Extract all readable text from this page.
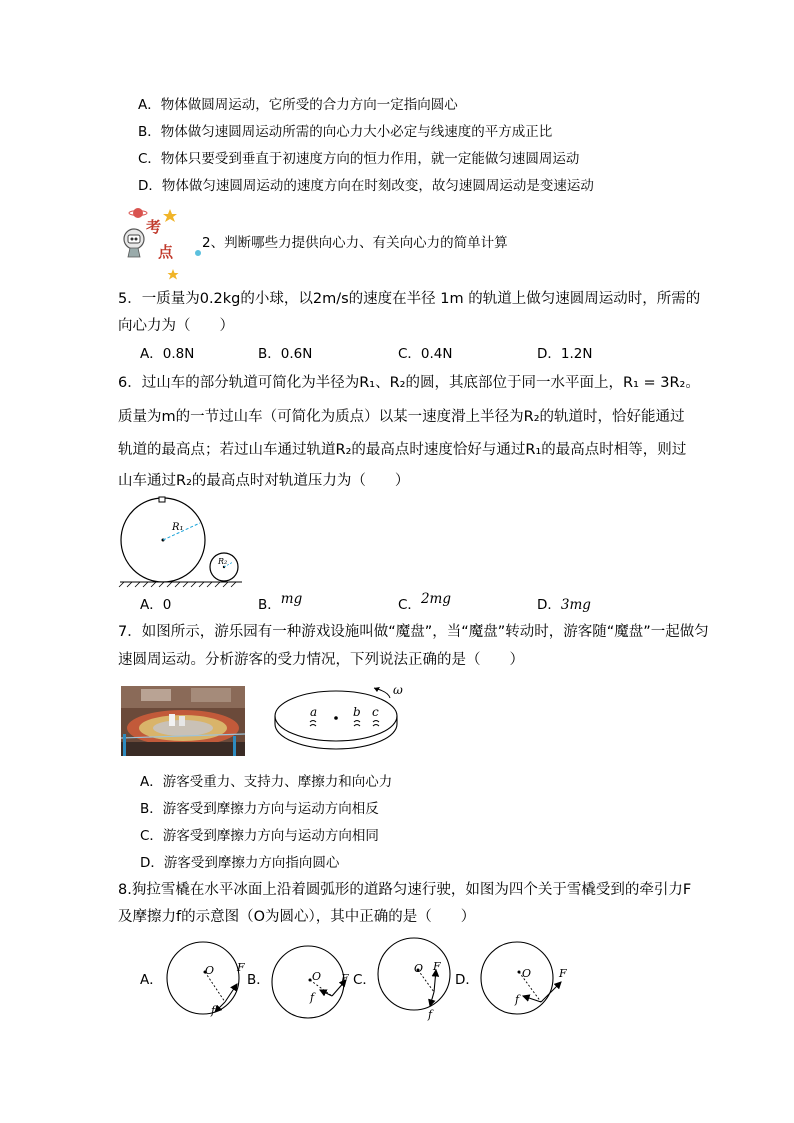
A．物体做圆周运动，它所受的合力方向一定指向圆心
B．物体做匀速圆周运动所需的向心力大小必定与线速度的平方成正比
C．物体只要受到垂直于初速度方向的恒力作用，就一定能做匀速圆周运动
D．物体做匀速圆周运动的速度方向在时刻改变，故匀速圆周运动是变速运动
考
点 2、判断哪些力提供向心力、有关向心力的简单计算
5．一质量为0.2kg的小球，以2m/s的速度在半径 1m 的轨道上做匀速圆周运动时，所需的
向心力为（　　）
A．0.8N	B．0.6N	C．0.4N	D．1.2N
6．过山车的部分轨道可简化为半径为R₁、R₂的圆，其底部位于同一水平面上，R₁ = 3R₂。
质量为m的一节过山车（可简化为质点）以某一速度滑上半径为R₂的轨道时，恰好能通过
轨道的最高点；若过山车通过轨道R₂的最高点时速度恰好与通过R₁的最高点时相等，则过
山车通过R₂的最高点时对轨道压力为（　　）
R₁
R₂
A．0	B．mg	C．2mg	D．3mg
7．如图所示，游乐园有一种游戏设施叫做“魔盘”，当“魔盘”转动时，游客随“魔盘”一起做匀
速圆周运动。分析游客的受力情况，下列说法正确的是（　　）
ω
a	b c
A．游客受重力、支持力、摩擦力和向心力
B．游客受到摩擦力方向与运动方向相反
C．游客受到摩擦力方向与运动方向相同
D．游客受到摩擦力方向指向圆心
8.狗拉雪橇在水平冰面上沿着圆弧形的道路匀速行驶，如图为四个关于雪橇受到的牵引力F
及摩擦力f的示意图（O为圆心），其中正确的是（　　）
A．	B．	C．	D．
O F
f
O F
f
O F
f
O	F
f
